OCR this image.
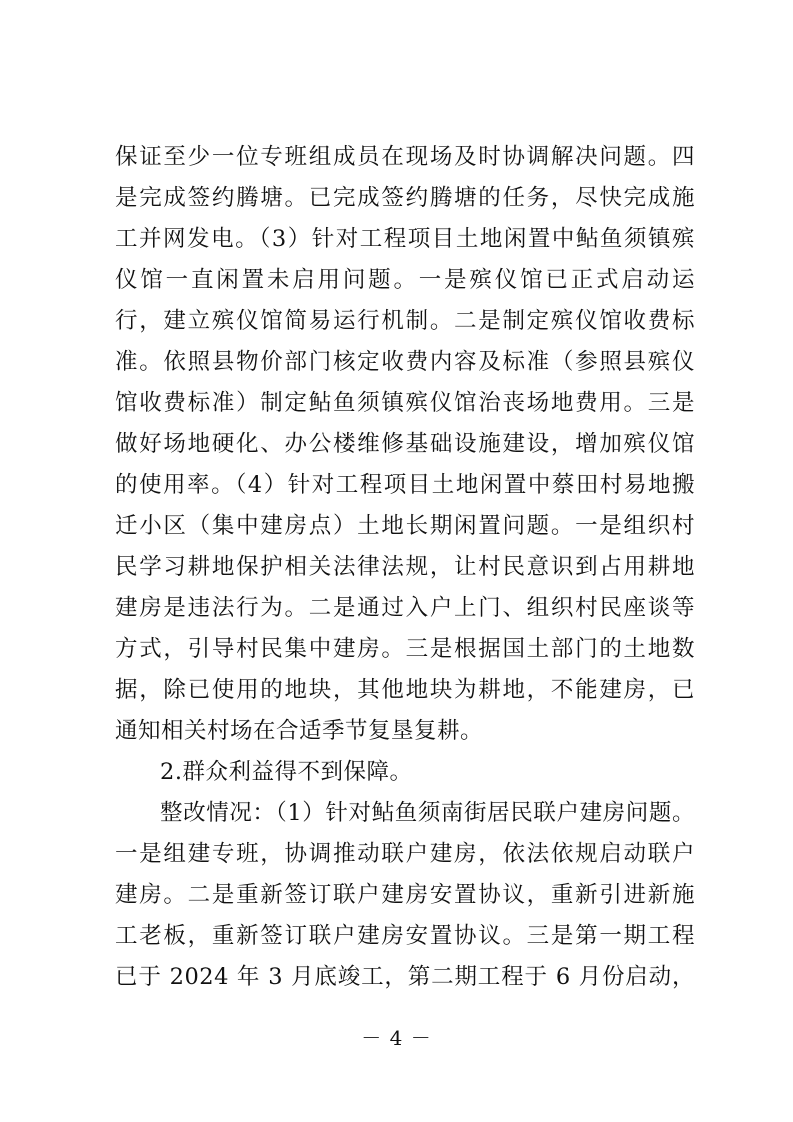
保证至少一位专班组成员在现场及时协调解决问题。四
是完成签约腾塘。已完成签约腾塘的任务，尽快完成施
工并网发电。（3）针对工程项目土地闲置中鲇鱼须镇殡
仪馆一直闲置未启用问题。一是殡仪馆已正式启动运
行，建立殡仪馆简易运行机制。二是制定殡仪馆收费标
准。依照县物价部门核定收费内容及标准（参照县殡仪
馆收费标准）制定鲇鱼须镇殡仪馆治丧场地费用。三是
做好场地硬化、办公楼维修基础设施建设，增加殡仪馆
的使用率。（4）针对工程项目土地闲置中蔡田村易地搬
迁小区（集中建房点）土地长期闲置问题。一是组织村
民学习耕地保护相关法律法规，让村民意识到占用耕地
建房是违法行为。二是通过入户上门、组织村民座谈等
方式，引导村民集中建房。三是根据国土部门的土地数
据，除已使用的地块，其他地块为耕地，不能建房，已
通知相关村场在合适季节复垦复耕。
2.群众利益得不到保障。
整改情况：（1）针对鲇鱼须南街居民联户建房问题。
一是组建专班，协调推动联户建房，依法依规启动联户
建房。二是重新签订联户建房安置协议，重新引进新施
工老板，重新签订联户建房安置协议。三是第一期工程
已于 2024 年 3 月底竣工，第二期工程于 6 月份启动，
－ 4 －
